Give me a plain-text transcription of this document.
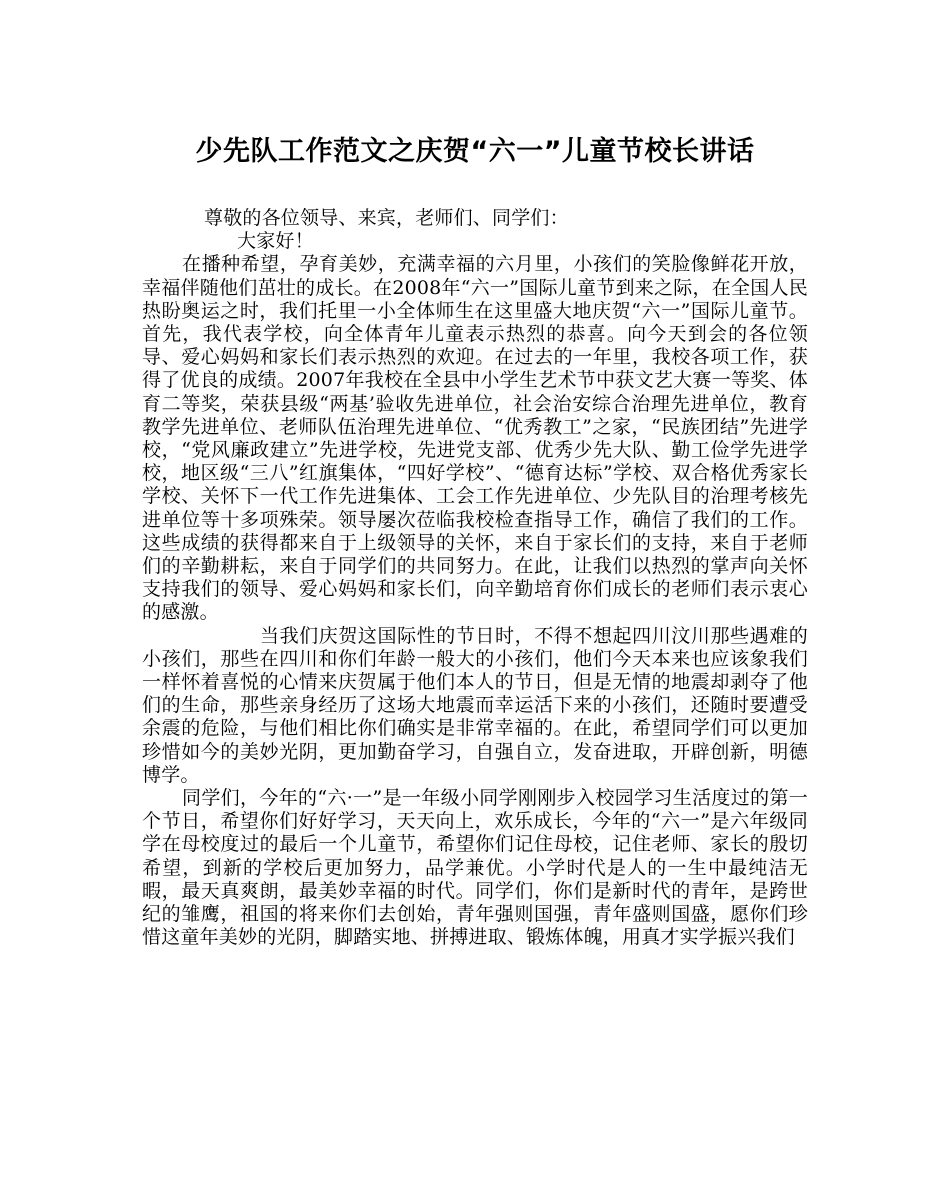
少先队工作范文之庆贺“六一”儿童节校长讲话

尊敬的各位领导、来宾，老师们、同学们：

大家好！

在播种希望，孕育美妙，充满幸福的六月里，小孩们的笑脸像鲜花开放，幸福伴随他们茁壮的成长。在2008年“六一”国际儿童节到来之际，在全国人民热盼奥运之时，我们托里一小全体师生在这里盛大地庆贺“六一”国际儿童节。首先，我代表学校，向全体青年儿童表示热烈的恭喜。向今天到会的各位领导、爱心妈妈和家长们表示热烈的欢迎。在过去的一年里，我校各项工作，获得了优良的成绩。2007年我校在全县中小学生艺术节中获文艺大赛一等奖、体育二等奖，荣获县级“两基’验收先进单位，社会治安综合治理先进单位，教育教学先进单位、老师队伍治理先进单位、“优秀教工”之家，“民族团结”先进学校，“党风廉政建立”先进学校，先进党支部、优秀少先大队、勤工俭学先进学校，地区级“三八”红旗集体，“四好学校”、“德育达标”学校、双合格优秀家长学校、关怀下一代工作先进集体、工会工作先进单位、少先队目的治理考核先进单位等十多项殊荣。领导屡次莅临我校检查指导工作，确信了我们的工作。这些成绩的获得都来自于上级领导的关怀，来自于家长们的支持，来自于老师们的辛勤耕耘，来自于同学们的共同努力。在此，让我们以热烈的掌声向关怀支持我们的领导、爱心妈妈和家长们，向辛勤培育你们成长的老师们表示衷心的感激。

当我们庆贺这国际性的节日时，不得不想起四川汶川那些遇难的小孩们，那些在四川和你们年龄一般大的小孩们，他们今天本来也应该象我们一样怀着喜悦的心情来庆贺属于他们本人的节日，但是无情的地震却剥夺了他们的生命，那些亲身经历了这场大地震而幸运活下来的小孩们，还随时要遭受余震的危险，与他们相比你们确实是非常幸福的。在此，希望同学们可以更加珍惜如今的美妙光阴，更加勤奋学习，自强自立，发奋进取，开辟创新，明德博学。

同学们，今年的“六·一”是一年级小同学刚刚步入校园学习生活度过的第一个节日，希望你们好好学习，天天向上，欢乐成长，今年的“六一”是六年级同学在母校度过的最后一个儿童节，希望你们记住母校，记住老师、家长的殷切希望，到新的学校后更加努力，品学兼优。小学时代是人的一生中最纯洁无暇，最天真爽朗，最美妙幸福的时代。同学们，你们是新时代的青年，是跨世纪的雏鹰，祖国的将来你们去创始，青年强则国强，青年盛则国盛，愿你们珍惜这童年美妙的光阴，脚踏实地、拼搏进取、锻炼体魄，用真才实学振兴我们
